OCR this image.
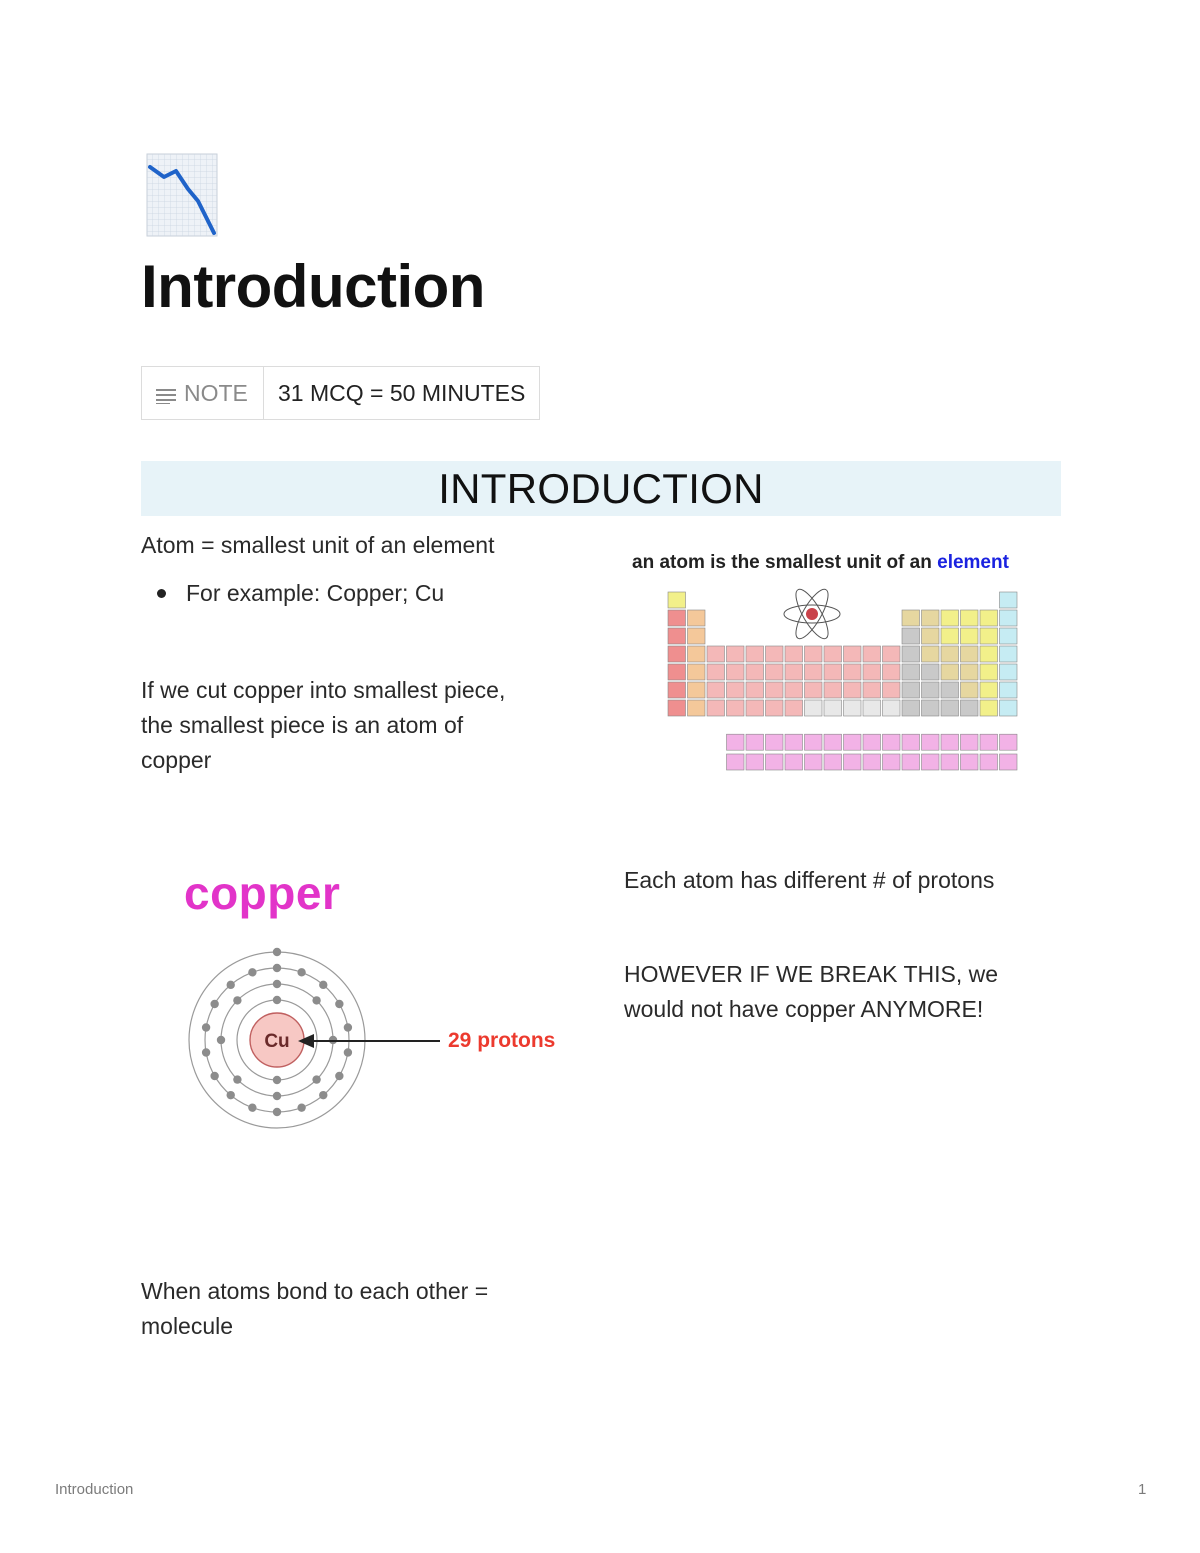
Introduction
NOTE	31 MCQ = 50 MINUTES
INTRODUCTION
Atom = smallest unit of an element
For example: Copper; Cu
If we cut copper into smallest piece,
the smallest piece is an atom of
copper
an atom is the smallest unit of an element
copper
Cu	29 protons
Each atom has different # of protons
HOWEVER IF WE BREAK THIS, we
would not have copper ANYMORE!
When atoms bond to each other =
molecule
Introduction	1
